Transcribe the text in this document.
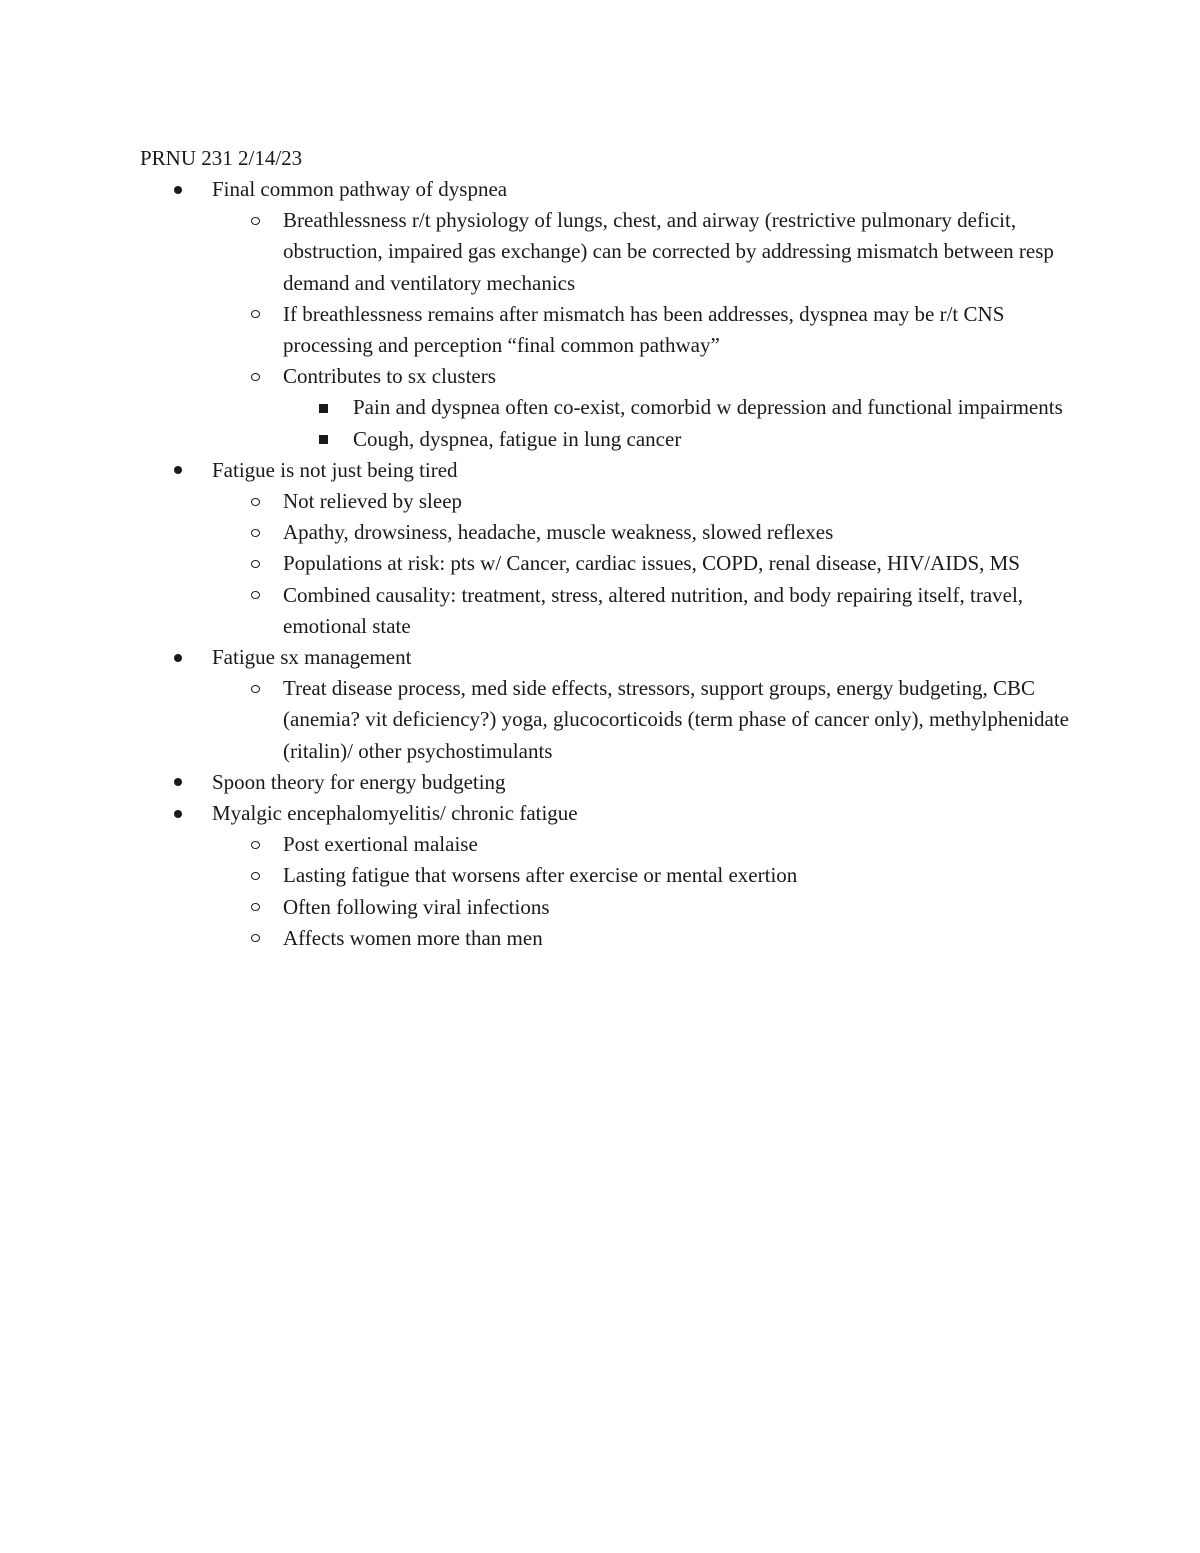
PRNU 231 2/14/23
Final common pathway of dyspnea
Breathlessness r/t physiology of lungs, chest, and airway (restrictive pulmonary deficit, obstruction, impaired gas exchange) can be corrected by addressing mismatch between resp demand and ventilatory mechanics
If breathlessness remains after mismatch has been addresses, dyspnea may be r/t CNS processing and perception “final common pathway”
Contributes to sx clusters
Pain and dyspnea often co-exist, comorbid w depression and functional impairments
Cough, dyspnea, fatigue in lung cancer
Fatigue is not just being tired
Not relieved by sleep
Apathy, drowsiness, headache, muscle weakness, slowed reflexes
Populations at risk: pts w/ Cancer, cardiac issues, COPD, renal disease, HIV/AIDS, MS
Combined causality: treatment, stress, altered nutrition, and body repairing itself, travel, emotional state
Fatigue sx management
Treat disease process, med side effects, stressors, support groups, energy budgeting, CBC (anemia? vit deficiency?) yoga, glucocorticoids (term phase of cancer only), methylphenidate (ritalin)/ other psychostimulants
Spoon theory for energy budgeting
Myalgic encephalomyelitis/ chronic fatigue
Post exertional malaise
Lasting fatigue that worsens after exercise or mental exertion
Often following viral infections
Affects women more than men
